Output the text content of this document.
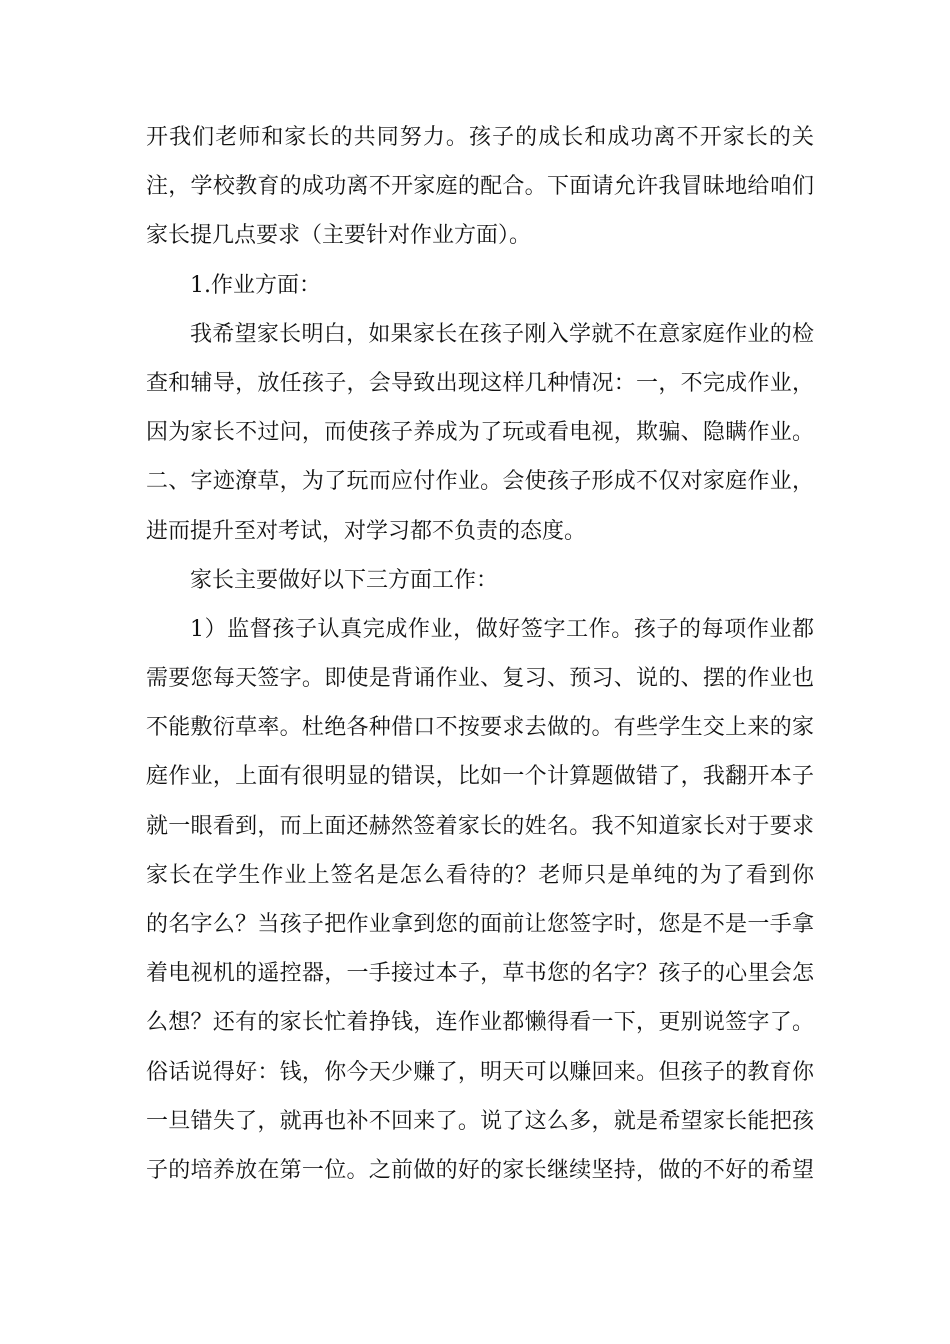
开我们老师和家长的共同努力。孩子的成长和成功离不开家长的关
注，学校教育的成功离不开家庭的配合。下面请允许我冒昧地给咱们
家长提几点要求（主要针对作业方面）。
1.作业方面：
我希望家长明白，如果家长在孩子刚入学就不在意家庭作业的检
查和辅导，放任孩子，会导致出现这样几种情况：一，不完成作业，
因为家长不过问，而使孩子养成为了玩或看电视，欺骗、隐瞒作业。
二、字迹潦草，为了玩而应付作业。会使孩子形成不仅对家庭作业，
进而提升至对考试，对学习都不负责的态度。
家长主要做好以下三方面工作：
1）监督孩子认真完成作业，做好签字工作。孩子的每项作业都
需要您每天签字。即使是背诵作业、复习、预习、说的、摆的作业也
不能敷衍草率。杜绝各种借口不按要求去做的。有些学生交上来的家
庭作业，上面有很明显的错误，比如一个计算题做错了，我翻开本子
就一眼看到，而上面还赫然签着家长的姓名。我不知道家长对于要求
家长在学生作业上签名是怎么看待的？老师只是单纯的为了看到你
的名字么？当孩子把作业拿到您的面前让您签字时，您是不是一手拿
着电视机的遥控器，一手接过本子，草书您的名字？孩子的心里会怎
么想？还有的家长忙着挣钱，连作业都懒得看一下，更别说签字了。
俗话说得好：钱，你今天少赚了，明天可以赚回来。但孩子的教育你
一旦错失了，就再也补不回来了。说了这么多，就是希望家长能把孩
子的培养放在第一位。之前做的好的家长继续坚持，做的不好的希望
